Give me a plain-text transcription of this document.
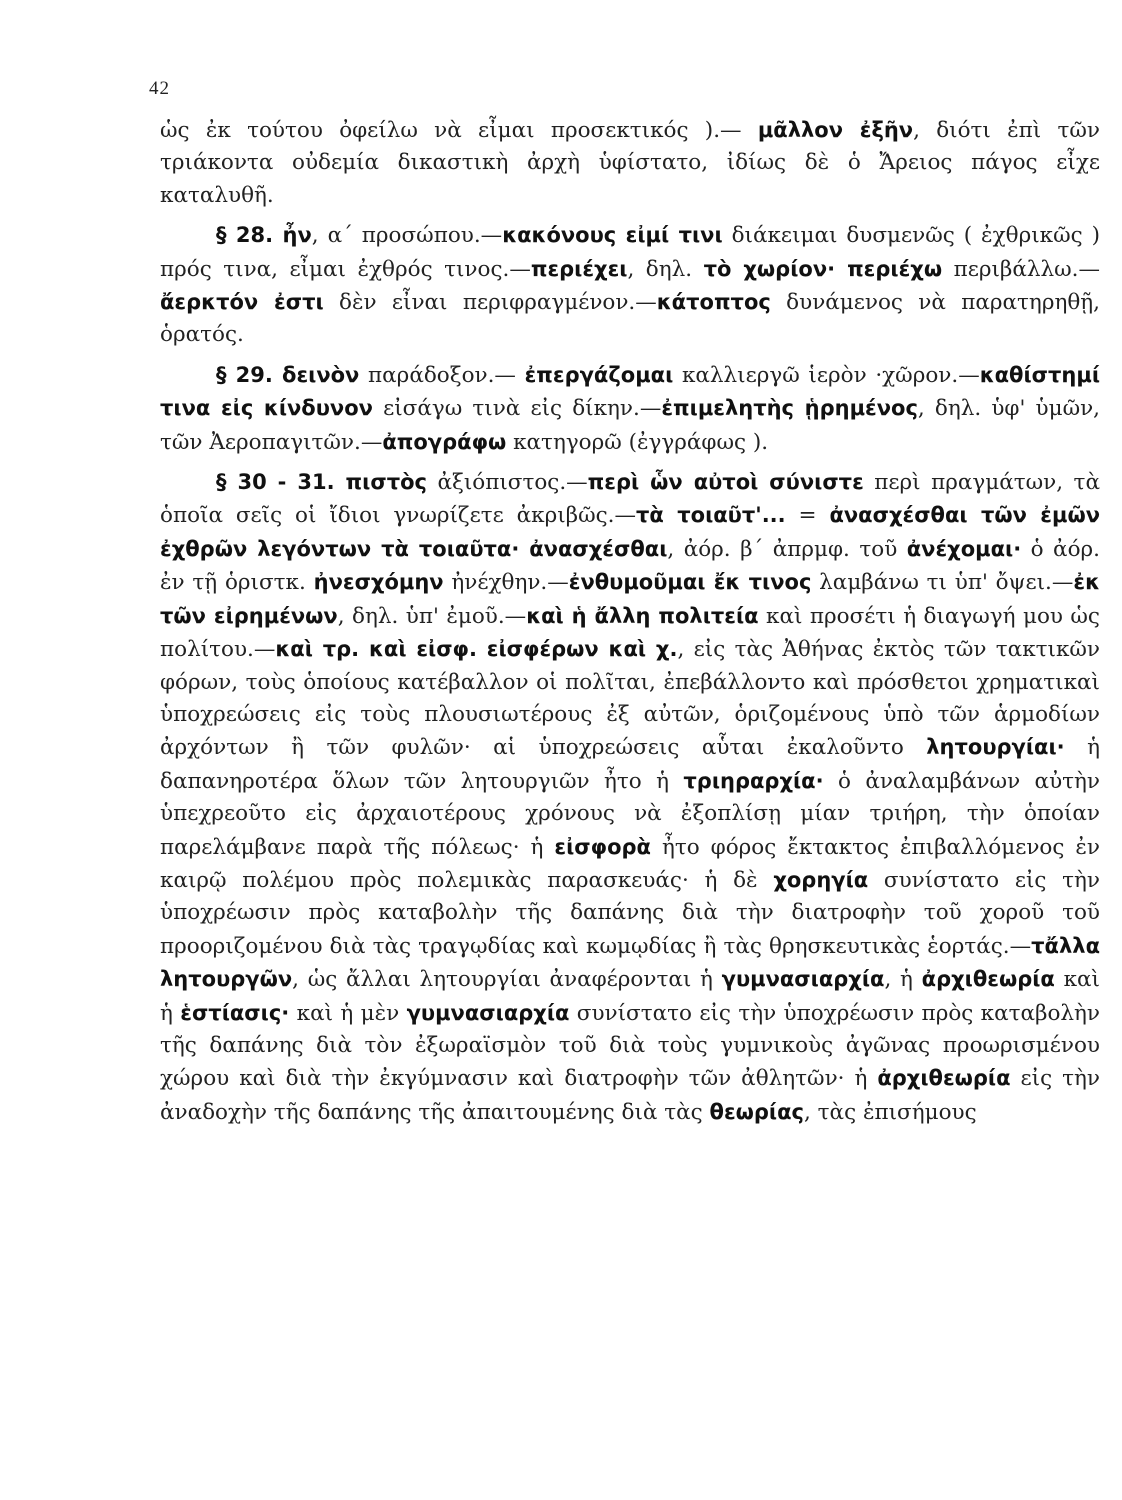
42

ὡς ἐκ τούτου ὀφείλω νὰ εἶμαι προσεκτικός ).— μᾶλλον ἐξῆν, διότι ἐπὶ τῶν τριάκοντα οὐδεμία δικαστικὴ ἀρχὴ ὑφίστατο, ἰδίως δὲ ὁ Ἄρειος πάγος εἶχε καταλυθῆ.

§ 28. ἦν, α΄ προσώπου.—κακόνους εἰμί τινι διάκειμαι δυσμενῶς ( ἐχθρικῶς ) πρός τινα, εἶμαι ἐχθρός τινος.—περιέχει, δηλ. τὸ χωρίον· περιέχω περιβάλλω.—ἄερκτόν ἐστι δὲν εἶναι περιφραγμένον.—κάτοπτος δυνάμενος νὰ παρατηρηθῇ, ὁρατός.

§ 29. δεινὸν παράδοξον.— ἐπεργάζομαι καλλιεργῶ ἱερὸν ·χῶρον.—καθίστημί τινα εἰς κίνδυνον εἰσάγω τινὰ εἰς δίκην.—ἐπιμελητὴς ᾑρημένος, δηλ. ὑφ' ὑμῶν, τῶν Ἀεροπαγιτῶν.—ἀπογράφω κατηγορῶ (ἐγγράφως ).

§ 30 - 31. πιστὸς ἀξιόπιστος.—περὶ ὧν αὐτοὶ σύνιστε περὶ πραγμάτων, τὰ ὁποῖα σεῖς οἱ ἴδιοι γνωρίζετε ἀκριβῶς.—τὰ τοιαῦτ'... = ἀνασχέσθαι τῶν ἐμῶν ἐχθρῶν λεγόντων τὰ τοιαῦτα· ἀνασχέσθαι, ἀόρ. β΄ ἀπρμφ. τοῦ ἀνέχομαι· ὁ ἀόρ. ἐν τῇ ὁριστκ. ἠνεσχόμην ἠνέχθην.—ἐνθυμοῦμαι ἔκ τινος λαμβάνω τι ὑπ' ὄψει.—ἐκ τῶν εἰρημένων, δηλ. ὑπ' ἐμοῦ.—καὶ ἡ ἄλλη πολιτεία καὶ προσέτι ἡ διαγωγή μου ὡς πολίτου.—καὶ τρ. καὶ εἰσφ. εἰσφέρων καὶ χ., εἰς τὰς Ἀθήνας ἐκτὸς τῶν τακτικῶν φόρων, τοὺς ὁποίους κατέβαλλον οἱ πολῖται, ἐπεβάλλοντο καὶ πρόσθετοι χρηματικαὶ ὑποχρεώσεις εἰς τοὺς πλουσιωτέρους ἐξ αὐτῶν, ὁριζομένους ὑπὸ τῶν ἁρμοδίων ἀρχόντων ἢ τῶν φυλῶν· αἱ ὑποχρεώσεις αὗται ἐκαλοῦντο λητουργίαι· ἡ δαπανηροτέρα ὅλων τῶν λητουργιῶν ἦτο ἡ τριηραρχία· ὁ ἀναλαμβάνων αὐτὴν ὑπεχρεοῦτο εἰς ἀρχαιοτέρους χρόνους νὰ ἐξοπλίσῃ μίαν τριήρη, τὴν ὁποίαν παρελάμβανε παρὰ τῆς πόλεως· ἡ εἰσφορὰ ἦτο φόρος ἔκτακτος ἐπιβαλλόμενος ἐν καιρῷ πολέμου πρὸς πολεμικὰς παρασκευάς· ἡ δὲ χορηγία συνίστατο εἰς τὴν ὑποχρέωσιν πρὸς καταβολὴν τῆς δαπάνης διὰ τὴν διατροφὴν τοῦ χοροῦ τοῦ προοριζομένου διὰ τὰς τραγῳδίας καὶ κωμῳδίας ἢ τὰς θρησκευτικὰς ἑορτάς.—τἄλλα λητουργῶν, ὡς ἄλλαι λητουργίαι ἀναφέρονται ἡ γυμνασιαρχία, ἡ ἀρχιθεωρία καὶ ἡ ἑστίασις· καὶ ἡ μὲν γυμνασιαρχία συνίστατο εἰς τὴν ὑποχρέωσιν πρὸς καταβολὴν τῆς δαπάνης διὰ τὸν ἐξωραϊσμὸν τοῦ διὰ τοὺς γυμνικοὺς ἀγῶνας προωρισμένου χώρου καὶ διὰ τὴν ἐκγύμνασιν καὶ διατροφὴν τῶν ἀθλητῶν· ἡ ἀρχιθεωρία εἰς τὴν ἀναδοχὴν τῆς δαπάνης τῆς ἀπαιτουμένης διὰ τὰς θεωρίας, τὰς ἐπισήμους
